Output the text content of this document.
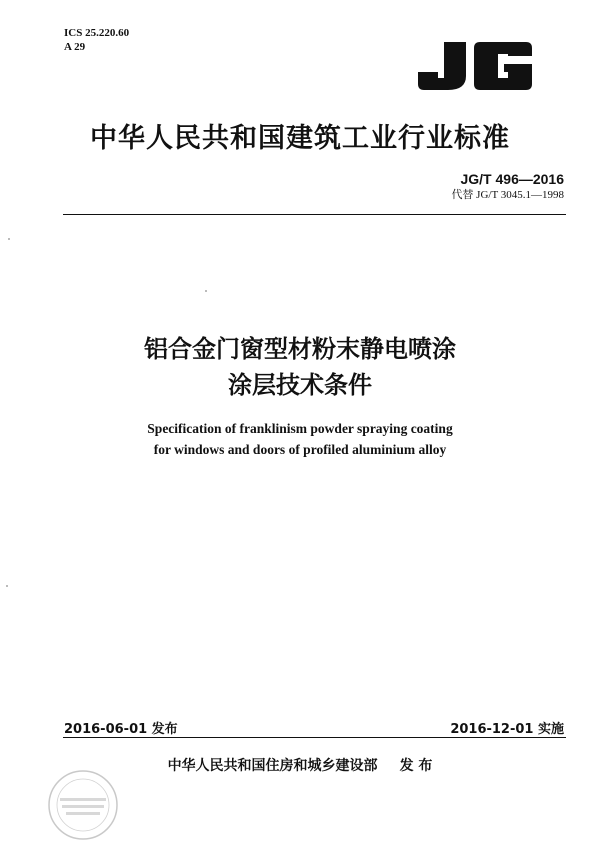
ICS 25.220.60
A 29
中华人民共和国建筑工业行业标准
JG/T 496—2016
代替 JG/T 3045.1—1998
铝合金门窗型材粉末静电喷涂
涂层技术条件
Specification of franklinism powder spraying coating
for windows and doors of profiled aluminium alloy
2016-06-01 发布	2016-12-01 实施
中华人民共和国住房和城乡建设部 发 布
